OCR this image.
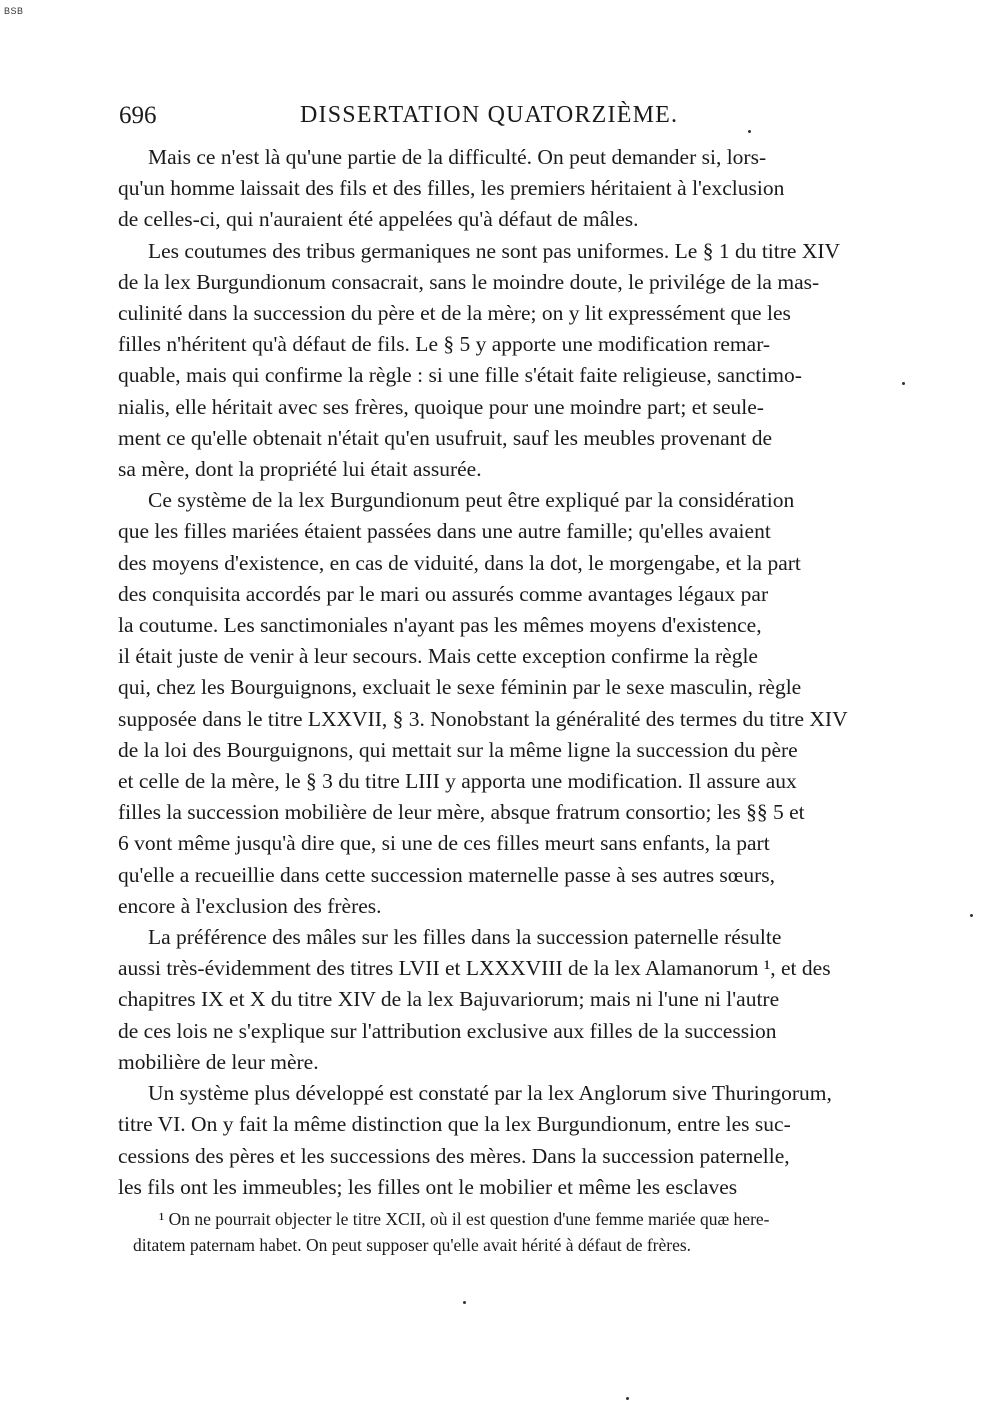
BSB
696	DISSERTATION QUATORZIÈME.
Mais ce n'est là qu'une partie de la difficulté. On peut demander si, lors-
qu'un homme laissait des fils et des filles, les premiers héritaient à l'exclusion
de celles-ci, qui n'auraient été appelées qu'à défaut de mâles.
Les coutumes des tribus germaniques ne sont pas uniformes. Le § 1 du titre XIV
de la lex Burgundionum consacrait, sans le moindre doute, le privilége de la mas-
culinité dans la succession du père et de la mère; on y lit expressément que les
filles n'héritent qu'à défaut de fils. Le § 5 y apporte une modification remar-
quable, mais qui confirme la règle : si une fille s'était faite religieuse, sanctimo-
nialis, elle héritait avec ses frères, quoique pour une moindre part; et seule-
ment ce qu'elle obtenait n'était qu'en usufruit, sauf les meubles provenant de
sa mère, dont la propriété lui était assurée.
Ce système de la lex Burgundionum peut être expliqué par la considération
que les filles mariées étaient passées dans une autre famille; qu'elles avaient
des moyens d'existence, en cas de viduité, dans la dot, le morgengabe, et la part
des conquisita accordés par le mari ou assurés comme avantages légaux par
la coutume. Les sanctimoniales n'ayant pas les mêmes moyens d'existence,
il était juste de venir à leur secours. Mais cette exception confirme la règle
qui, chez les Bourguignons, excluait le sexe féminin par le sexe masculin, règle
supposée dans le titre LXXVII, § 3. Nonobstant la généralité des termes du titre XIV
de la loi des Bourguignons, qui mettait sur la même ligne la succession du père
et celle de la mère, le § 3 du titre LIII y apporta une modification. Il assure aux
filles la succession mobilière de leur mère, absque fratrum consortio; les §§ 5 et
6 vont même jusqu'à dire que, si une de ces filles meurt sans enfants, la part
qu'elle a recueillie dans cette succession maternelle passe à ses autres sœurs,
encore à l'exclusion des frères.
La préférence des mâles sur les filles dans la succession paternelle résulte
aussi très-évidemment des titres LVII et LXXXVIII de la lex Alamanorum ¹, et des
chapitres IX et X du titre XIV de la lex Bajuvariorum; mais ni l'une ni l'autre
de ces lois ne s'explique sur l'attribution exclusive aux filles de la succession
mobilière de leur mère.
Un système plus développé est constaté par la lex Anglorum sive Thuringorum,
titre VI. On y fait la même distinction que la lex Burgundionum, entre les suc-
cessions des pères et les successions des mères. Dans la succession paternelle,
les fils ont les immeubles; les filles ont le mobilier et même les esclaves
¹ On ne pourrait objecter le titre XCII, où il est question d'une femme mariée quæ here-
ditatem paternam habet. On peut supposer qu'elle avait hérité à défaut de frères.
